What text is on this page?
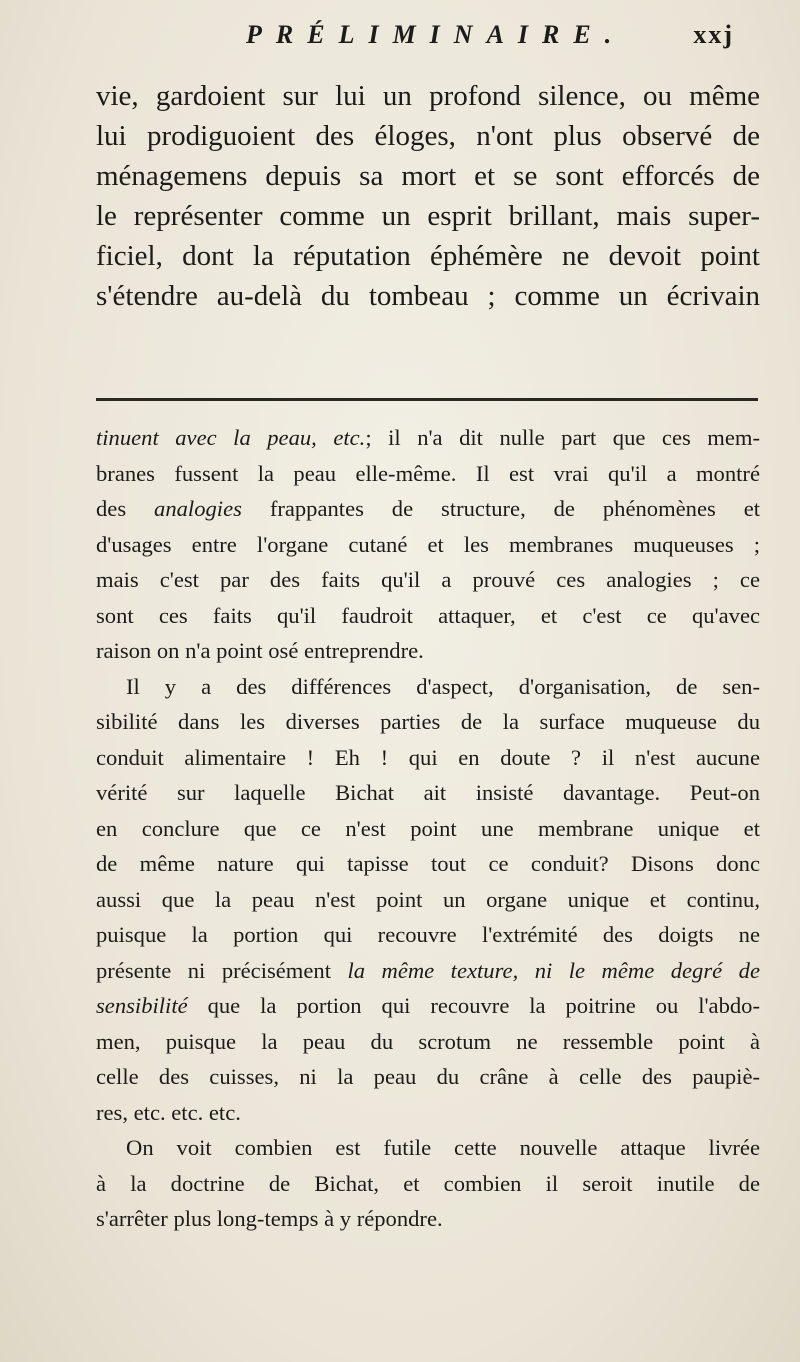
PRÉLIMINAIRE.	xxj
vie, gardoient sur lui un profond silence, ou même
lui prodiguoient des éloges, n'ont plus observé de
ménagemens depuis sa mort et se sont efforcés de
le représenter comme un esprit brillant, mais super-
ficiel, dont la réputation éphémère ne devoit point
s'étendre au-delà du tombeau ; comme un écrivain
tinuent avec la peau, etc.; il n'a dit nulle part que ces mem-
branes fussent la peau elle-même. Il est vrai qu'il a montré
des analogies frappantes de structure, de phénomènes et
d'usages entre l'organe cutané et les membranes muqueuses ;
mais c'est par des faits qu'il a prouvé ces analogies ; ce
sont ces faits qu'il faudroit attaquer, et c'est ce qu'avec
raison on n'a point osé entreprendre.
Il y a des différences d'aspect, d'organisation, de sen-
sibilité dans les diverses parties de la surface muqueuse du
conduit alimentaire ! Eh ! qui en doute ? il n'est aucune
vérité sur laquelle Bichat ait insisté davantage. Peut-on
en conclure que ce n'est point une membrane unique et
de même nature qui tapisse tout ce conduit? Disons donc
aussi que la peau n'est point un organe unique et continu,
puisque la portion qui recouvre l'extrémité des doigts ne
présente ni précisément la même texture, ni le même degré de
sensibilité que la portion qui recouvre la poitrine ou l'abdo-
men, puisque la peau du scrotum ne ressemble point à
celle des cuisses, ni la peau du crâne à celle des paupiè-
res, etc. etc. etc.
On voit combien est futile cette nouvelle attaque livrée
à la doctrine de Bichat, et combien il seroit inutile de
s'arrêter plus long-temps à y répondre.
